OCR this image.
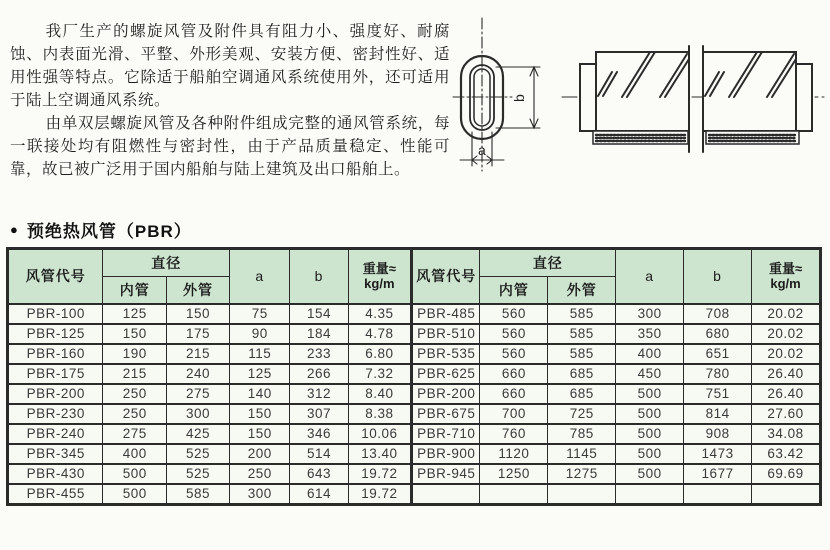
我厂生产的螺旋风管及附件具有阻力小、强度好、耐腐蚀、内表面光滑、平整、外形美观、安装方便、密封性好、适用性强等特点。它除适于船舶空调通风系统使用外，还可适用于陆上空调通风系统。

由单双层螺旋风管及各种附件组成完整的通风管系统，每一联接处均有阻燃性与密封性，由于产品质量稳定、性能可靠，故已被广泛用于国内船舶与陆上建筑及出口船舶上。

a
b
● 预绝热风管（PBR）
风管代号	直径		a	b	重量≈
kg/m
	内管	外管			
PBR-100	125	150	75	154	4.35
PBR-125	150	175	90	184	4.78
PBR-160	190	215	115	233	6.80
PBR-175	215	240	125	266	7.32
PBR-200	250	275	140	312	8.40
PBR-230	250	300	150	307	8.38
PBR-240	275	425	150	346	10.06
PBR-345	400	525	200	514	13.40
PBR-430	500	525	250	643	19.72
PBR-455	500	585	300	614	19.72
风管代号	直径		a	b	重量≈
kg/m
	内管	外管			
PBR-485	560	585	300	708	20.02
PBR-510	560	585	350	680	20.02
PBR-535	560	585	400	651	20.02
PBR-625	660	685	450	780	26.40
PBR-200	660	685	500	751	26.40
PBR-675	700	725	500	814	27.60
PBR-710	760	785	500	908	34.08
PBR-900	1120	1145	500	1473	63.42
PBR-945	1250	1275	500	1677	69.69
